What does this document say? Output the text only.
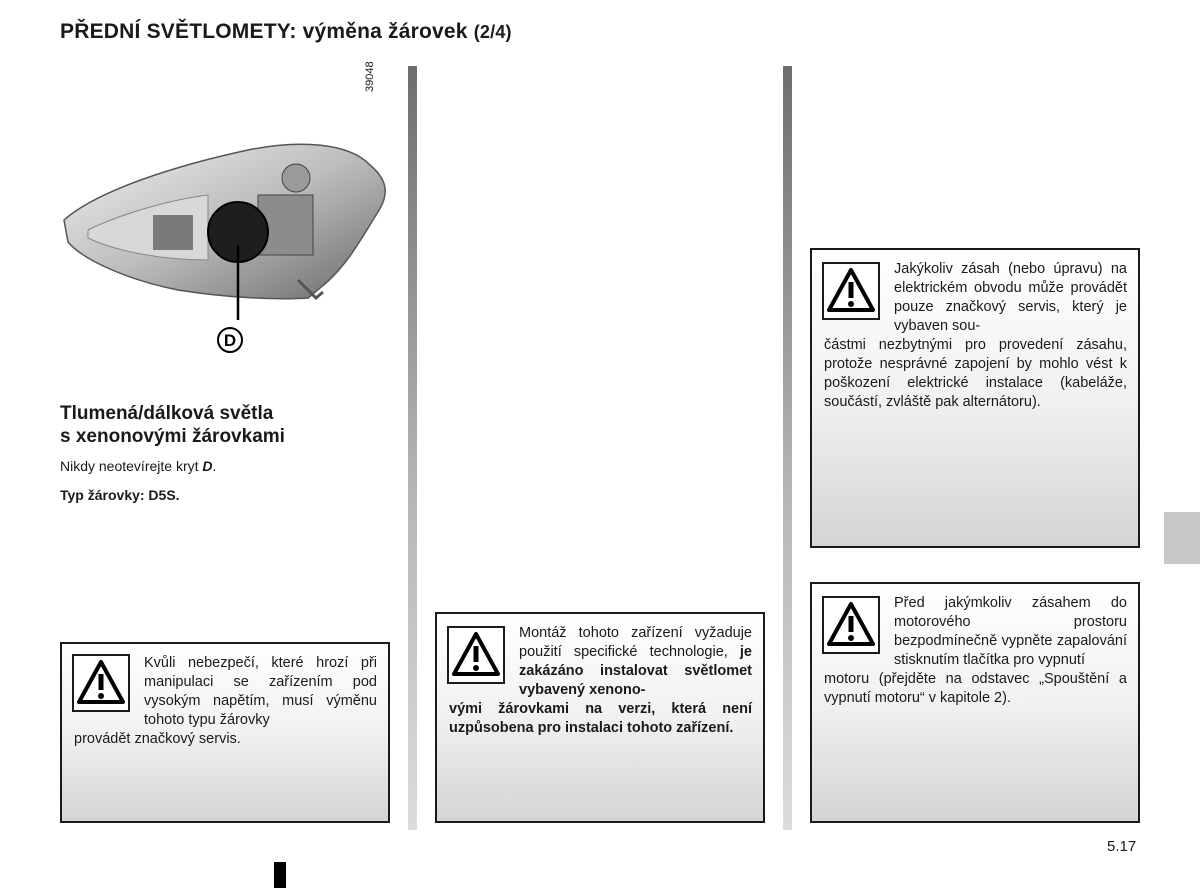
PŘEDNÍ SVĚTLOMETY: výměna žárovek (2/4)
39048
D
Tlumená/dálková světla
s xenonovými žárovkami
Nikdy neotevírejte kryt D.
Typ žárovky: D5S.
Kvůli nebezpečí, které hrozí při manipulaci se zařízením pod vysokým napětím, musí výměnu tohoto typu žárovky
provádět značkový servis.
Montáž tohoto zařízení vyžaduje použití specifické technologie, je zakázáno instalovat světlomet vybavený xenono-
vými žárovkami na verzi, která není uzpůsobena pro instalaci tohoto zařízení.
Jakýkoliv zásah (nebo úpravu) na elektrickém obvodu může provádět pouze značkový servis, který je vybaven sou-
částmi nezbytnými pro provedení zásahu, protože nesprávné zapojení by mohlo vést k poškození elektrické instalace (kabeláže, součástí, zvláště pak alternátoru).
Před jakýmkoliv zásahem do motorového prostoru bezpodmínečně vypněte zapalování stisknutím tlačítka pro vypnutí
motoru (přejděte na odstavec „Spouštění a vypnutí motoru“ v kapitole 2).
5.17
